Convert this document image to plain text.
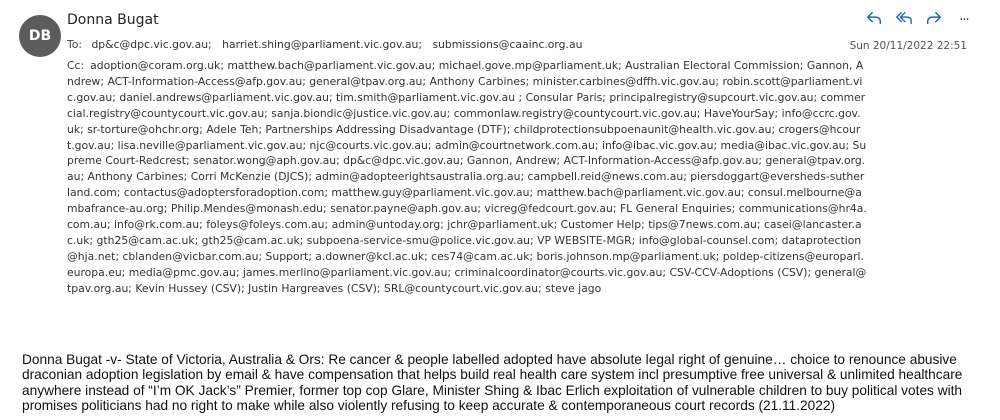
DB
Donna Bugat	···
Sun 20/11/2022 22:51
To: dp&c@dpc.vic.gov.au; harriet.shing@parliament.vic.gov.au; submissions@caainc.org.au
Cc: adoption@coram.org.uk; matthew.bach@parliament.vic.gov.au; michael.gove.mp@parliament.uk; Australian Electoral Commission; Gannon, Andrew; ACT-Information-Access@afp.gov.au; general@tpav.org.au; Anthony Carbines; minister.carbines@dffh.vic.gov.au; robin.scott@parliament.vic.gov.au; daniel.andrews@parliament.vic.gov.au; tim.smith@parliament.vic.gov.au ; Consular Paris; principalregistry@supcourt.vic.gov.au; commercial.registry@countycourt.vic.gov.au; sanja.biondic@justice.vic.gov.au; commonlaw.registry@countycourt.vic.gov.au; HaveYourSay; info@ccrc.gov.uk; sr-torture@ohchr.org; Adele Teh; Partnerships Addressing Disadvantage (DTF); childprotectionsubpoenaunit@health.vic.gov.au; crogers@hcourt.gov.au; lisa.neville@parliament.vic.gov.au; njc@courts.vic.gov.au; admin@courtnetwork.com.au; info@ibac.vic.gov.au; media@ibac.vic.gov.au; Supreme Court-Redcrest; senator.wong@aph.gov.au; dp&c@dpc.vic.gov.au; Gannon, Andrew; ACT-Information-Access@afp.gov.au; general@tpav.org.au; Anthony Carbines; Corri McKenzie (DJCS); admin@adopteerightsaustralia.org.au; campbell.reid@news.com.au; piersdoggart@eversheds-sutherland.com; contactus@adoptersforadoption.com; matthew.guy@parliament.vic.gov.au; matthew.bach@parliament.vic.gov.au; consul.melbourne@ambafrance-au.org; Philip.Mendes@monash.edu; senator.payne@aph.gov.au; vicreg@fedcourt.gov.au; FL General Enquiries; communications@hr4a.com.au; info@rk.com.au; foleys@foleys.com.au; admin@untoday.org; jchr@parliament.uk; Customer Help; tips@7news.com.au; casei@lancaster.ac.uk; gth25@cam.ac.uk; gth25@cam.ac.uk; subpoena-service-smu@police.vic.gov.au; VP WEBSITE-MGR; info@global-counsel.com; dataprotection@hja.net; cblanden@vicbar.com.au; Support; a.downer@kcl.ac.uk; ces74@cam.ac.uk; boris.johnson.mp@parliament.uk; poldep-citizens@europarl.europa.eu; media@pmc.gov.au; james.merlino@parliament.vic.gov.au; criminalcoordinator@courts.vic.gov.au; CSV-CCV-Adoptions (CSV); general@tpav.org.au; Kevin Hussey (CSV); Justin Hargreaves (CSV); SRL@countycourt.vic.gov.au; steve jago
Donna Bugat -v- State of Victoria, Australia & Ors: Re cancer & people labelled adopted have absolute legal right of genuine… choice to renounce abusive draconian adoption legislation by email & have compensation that helps build real health care system incl presumptive free universal & unlimited healthcare anywhere instead of “I’m OK Jack’s” Premier, former top cop Glare, Minister Shing & Ibac Erlich exploitation of vulnerable children to buy political votes with promises politicians had no right to make while also violently refusing to keep accurate & contemporaneous court records (21.11.2022)
